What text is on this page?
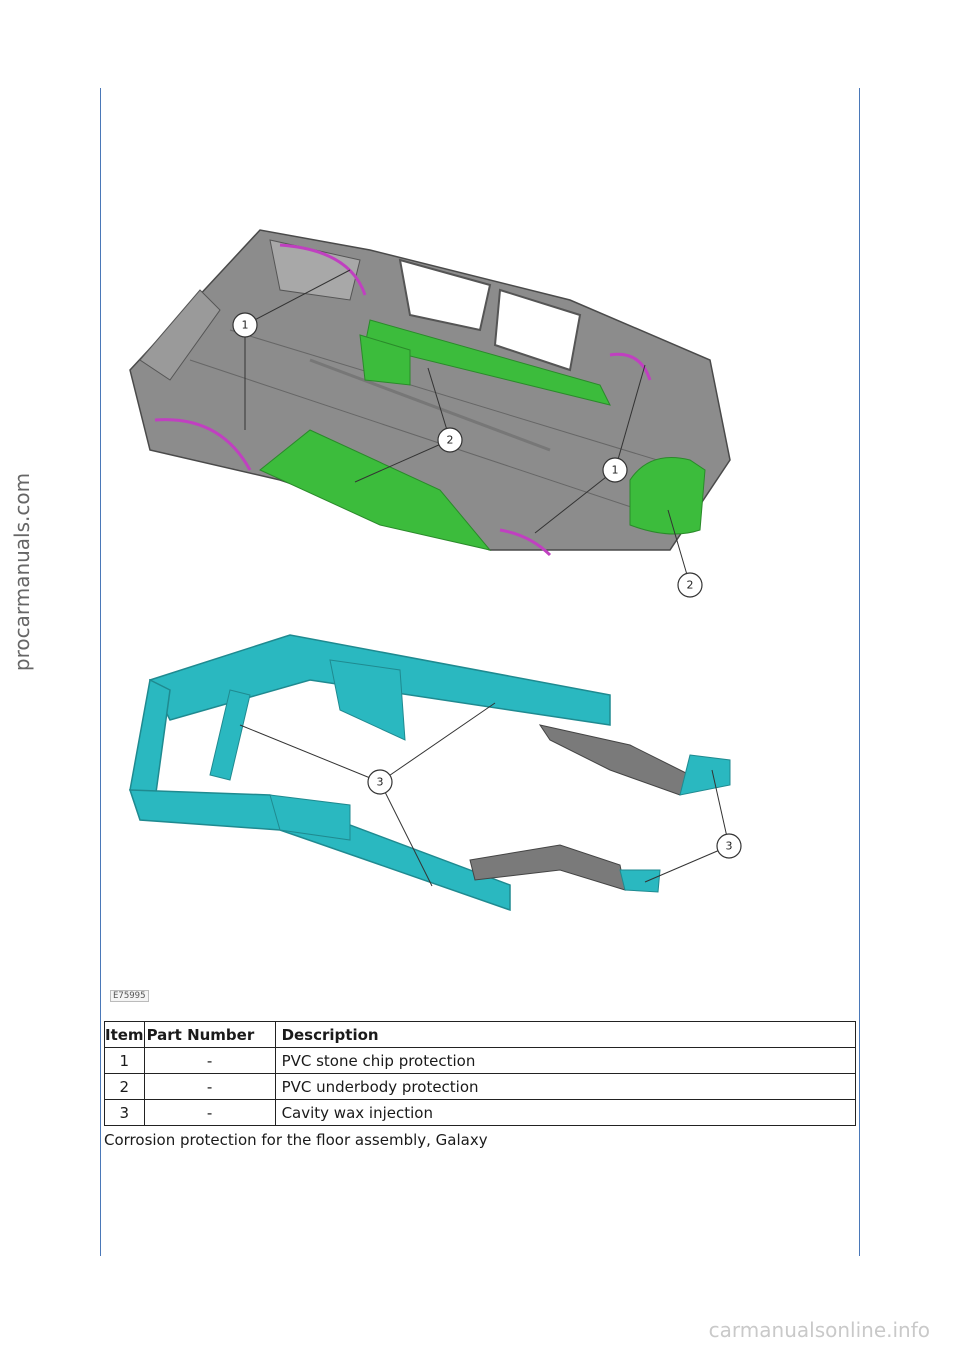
procarmanuals.com
1
2
1
2
3
3
E75995
Item	Part Number	Description
1	-	PVC stone chip protection
2	-	PVC underbody protection
3	-	Cavity wax injection
Corrosion protection for the floor assembly, Galaxy
carmanualsonline.info
